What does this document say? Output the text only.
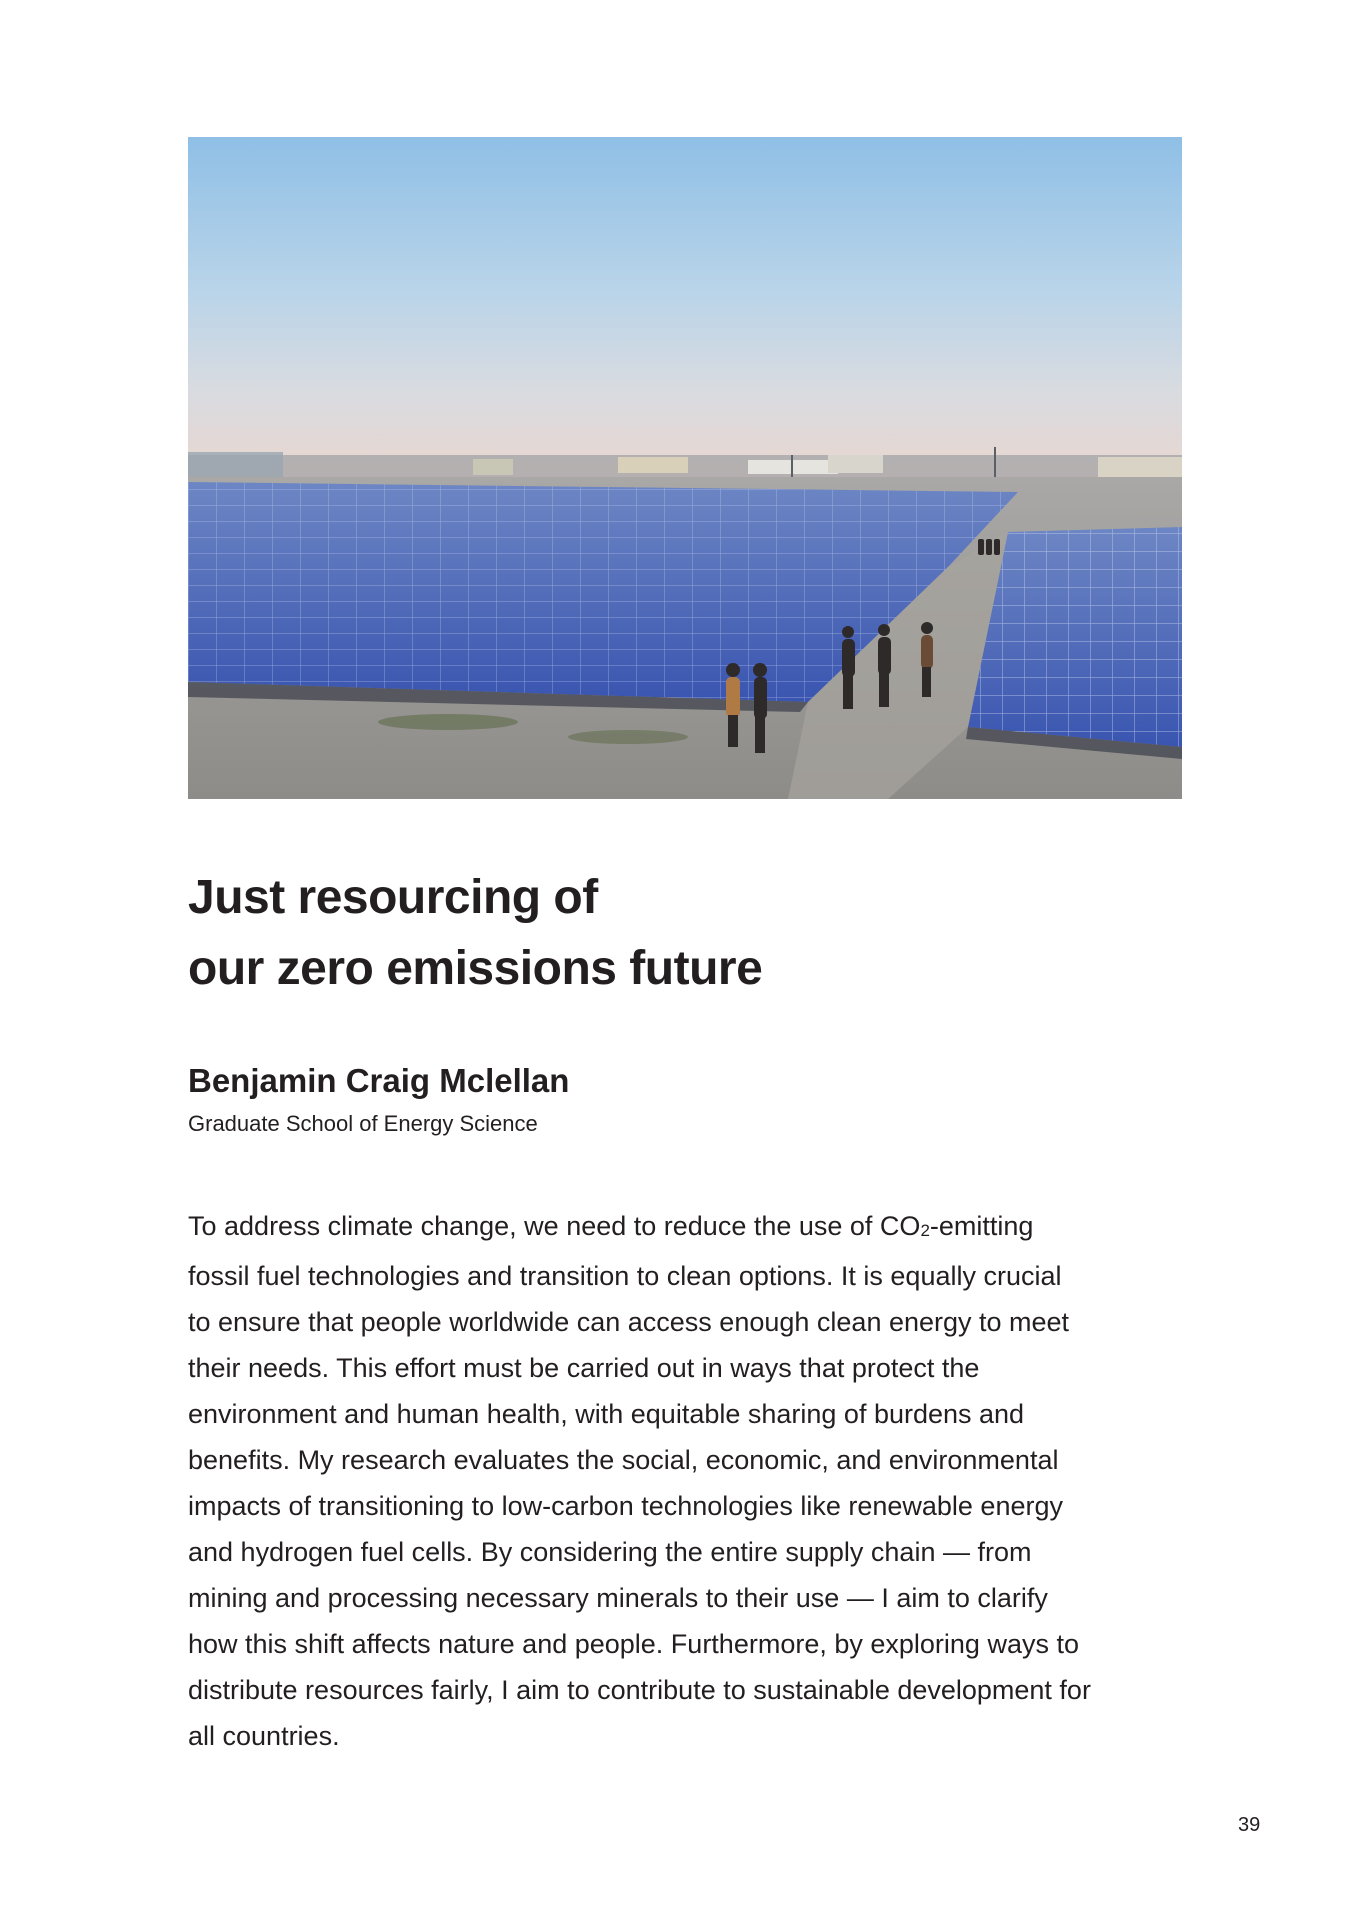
Just resourcing of
our zero emissions future

Benjamin Craig Mclellan

Graduate School of Energy Science

To address climate change, we need to reduce the use of $CO_2$-emitting
fossil fuel technologies and transition to clean options. It is equally crucial
to ensure that people worldwide can access enough clean energy to meet
their needs. This effort must be carried out in ways that protect the
environment and human health, with equitable sharing of burdens and
benefits. My research evaluates the social, economic, and environmental
impacts of transitioning to low-carbon technologies like renewable energy
and hydrogen fuel cells. By considering the entire supply chain — from
mining and processing necessary minerals to their use — I aim to clarify
how this shift affects nature and people. Furthermore, by exploring ways to
distribute resources fairly, I aim to contribute to sustainable development for
all countries.

39
